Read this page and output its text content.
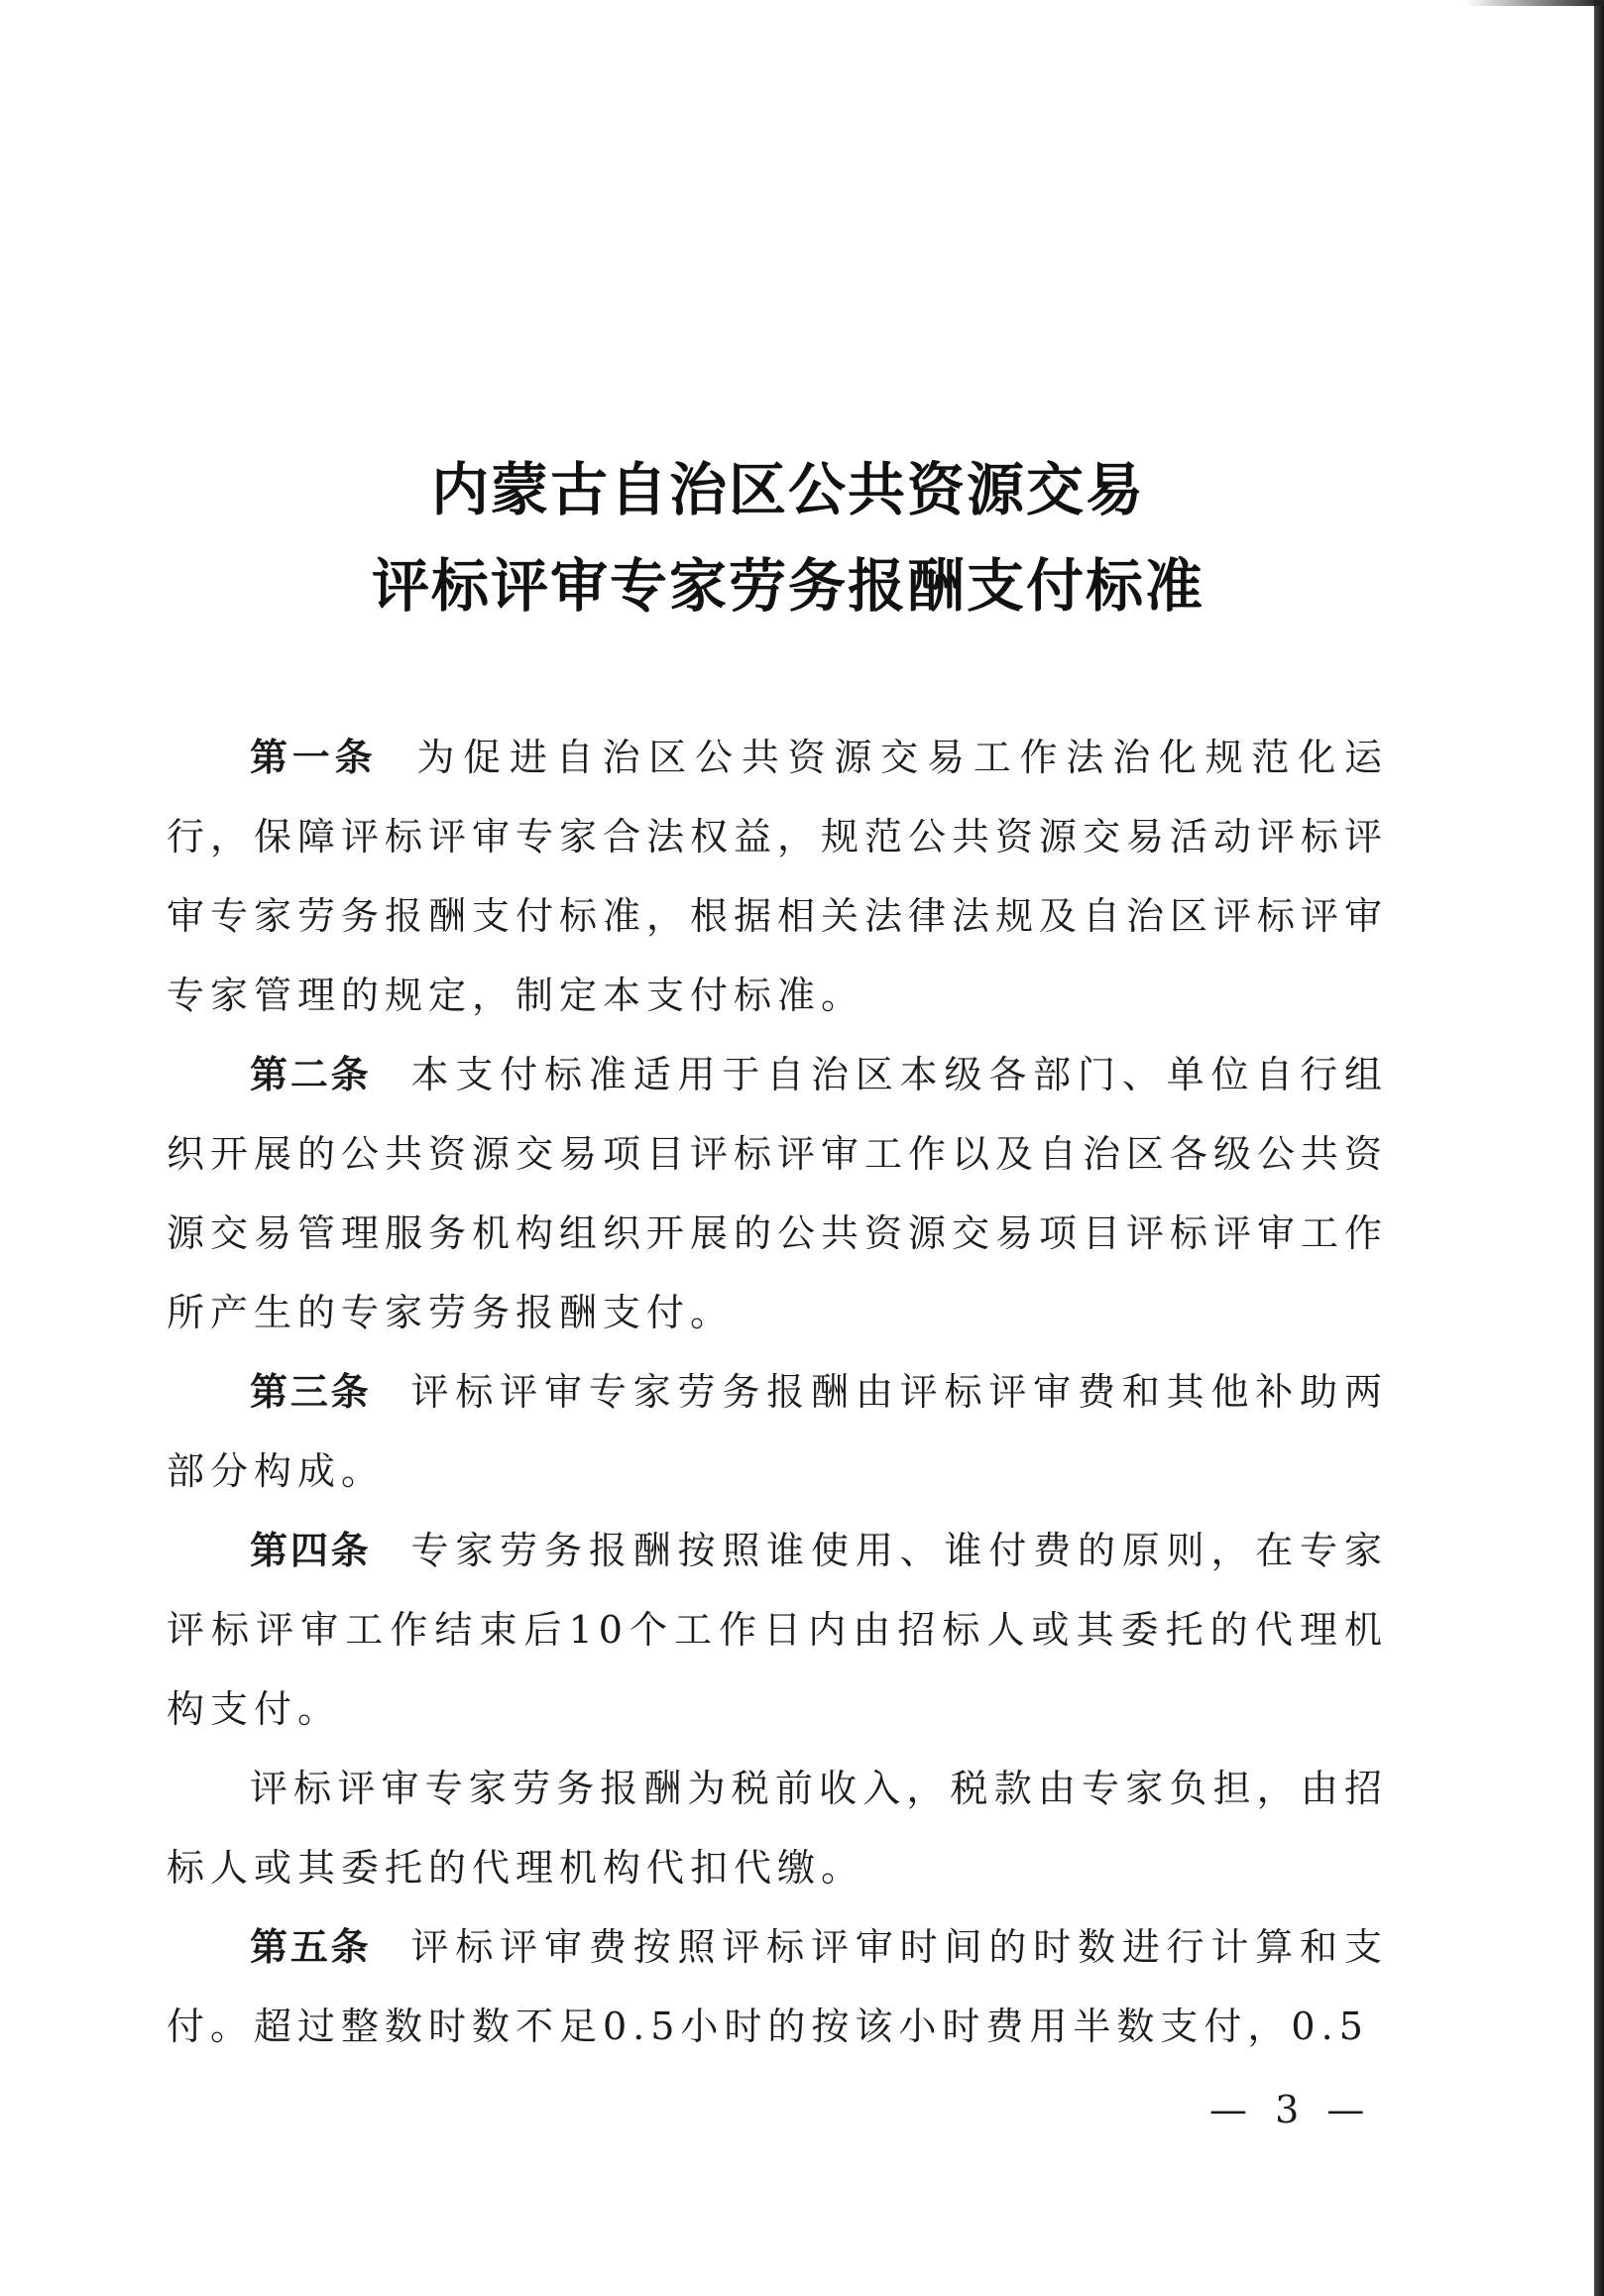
内蒙古自治区公共资源交易
评标评审专家劳务报酬支付标准

第一条 为促进自治区公共资源交易工作法治化规范化运行，保障评标评审专家合法权益，规范公共资源交易活动评标评审专家劳务报酬支付标准，根据相关法律法规及自治区评标评审专家管理的规定，制定本支付标准。

第二条 本支付标准适用于自治区本级各部门、单位自行组织开展的公共资源交易项目评标评审工作以及自治区各级公共资源交易管理服务机构组织开展的公共资源交易项目评标评审工作所产生的专家劳务报酬支付。

第三条 评标评审专家劳务报酬由评标评审费和其他补助两部分构成。

第四条 专家劳务报酬按照谁使用、谁付费的原则，在专家评标评审工作结束后10个工作日内由招标人或其委托的代理机构支付。

评标评审专家劳务报酬为税前收入，税款由专家负担，由招标人或其委托的代理机构代扣代缴。

第五条 评标评审费按照评标评审时间的时数进行计算和支付。超过整数时数不足0.5小时的按该小时费用半数支付，0.5

— 3 —
